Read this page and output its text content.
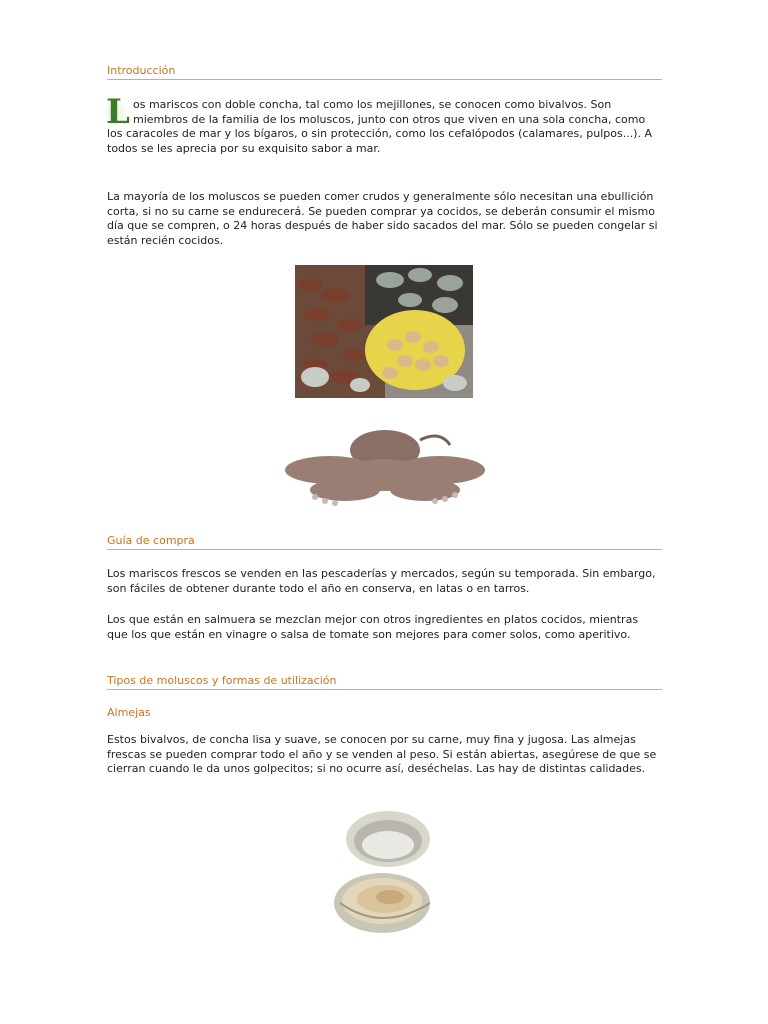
Introducción

L os mariscos con doble concha, tal como los mejillones, se conocen como bivalvos. Son miembros de la familia de los moluscos, junto con otros que viven en una sola concha, como los caracoles de mar y los bígaros, o sin protección, como los cefalópodos (calamares, pulpos...). A todos se les aprecia por su exquisito sabor a mar.

La mayoría de los moluscos se pueden comer crudos y generalmente sólo necesitan una ebullición corta, si no su carne se endurecerá. Se pueden comprar ya cocidos, se deberán consumir el mismo día que se compren, o 24 horas después de haber sido sacados del mar. Sólo se pueden congelar si están recién cocidos.

Guía de compra

Los mariscos frescos se venden en las pescaderías y mercados, según su temporada. Sin embargo, son fáciles de obtener durante todo el año en conserva, en latas o en tarros.

Los que están en salmuera se mezclan mejor con otros ingredientes en platos cocidos, mientras que los que están en vinagre o salsa de tomate son mejores para comer solos, como aperitivo.

Tipos de moluscos y formas de utilización
Almejas

Estos bivalvos, de concha lisa y suave, se conocen por su carne, muy fina y jugosa. Las almejas frescas se pueden comprar todo el año y se venden al peso. Si están abiertas, asegúrese de que se cierran cuando le da unos golpecitos; si no ocurre así, deséchelas. Las hay de distintas calidades.
